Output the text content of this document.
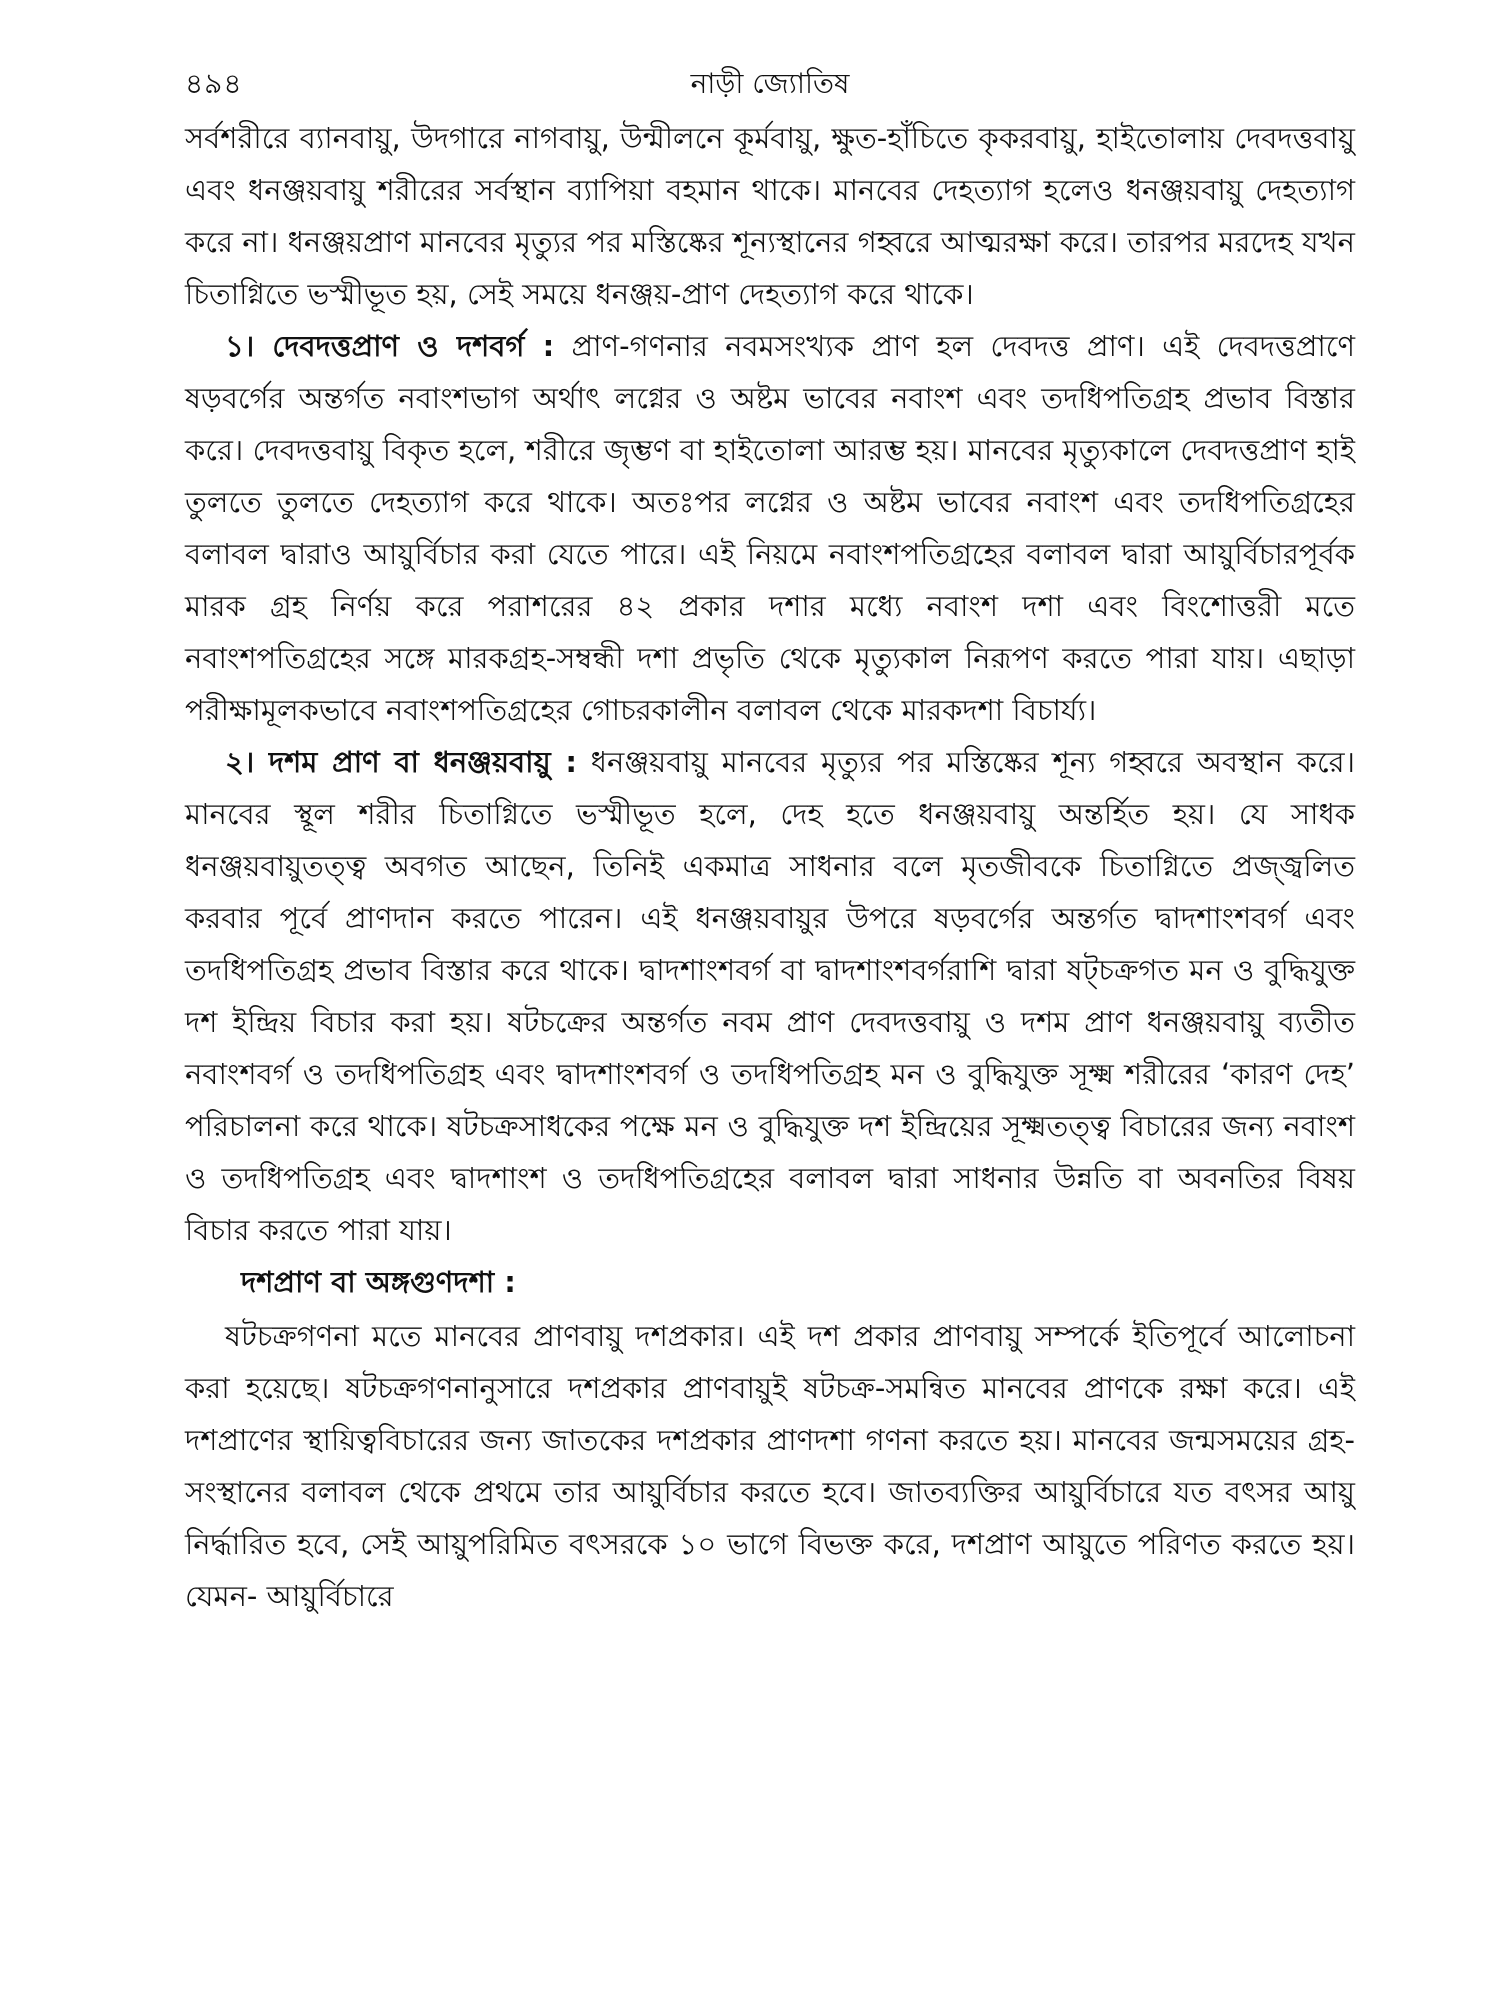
৪৯৪	নাড়ী জ্যোতিষ

সর্বশরীরে ব্যানবায়ু, উদগারে নাগবায়ু, উন্মীলনে কূর্মবায়ু, ক্ষুত-হাঁচিতে কৃকরবায়ু, হাইতোলায় দেবদত্তবায়ু এবং ধনঞ্জয়বায়ু শরীরের সর্বস্থান ব্যাপিয়া বহমান থাকে। মানবের দেহত্যাগ হলেও ধনঞ্জয়বায়ু দেহত্যাগ করে না। ধনঞ্জয়প্রাণ মানবের মৃত্যুর পর মস্তিষ্কের শূন্যস্থানের গহ্বরে আত্মরক্ষা করে। তারপর মরদেহ যখন চিতাগ্নিতে ভস্মীভূত হয়, সেই সময়ে ধনঞ্জয়-প্রাণ দেহত্যাগ করে থাকে।

১। দেবদত্তপ্রাণ ও দশবর্গ : প্রাণ-গণনার নবমসংখ্যক প্রাণ হল দেবদত্ত প্রাণ। এই দেবদত্তপ্রাণে ষড়বর্গের অন্তর্গত নবাংশভাগ অর্থাৎ লগ্নের ও অষ্টম ভাবের নবাংশ এবং তদধিপতিগ্রহ প্রভাব বিস্তার করে। দেবদত্তবায়ু বিকৃত হলে, শরীরে জৃম্ভণ বা হাইতোলা আরম্ভ হয়। মানবের মৃত্যুকালে দেবদত্তপ্রাণ হাই তুলতে তুলতে দেহত্যাগ করে থাকে। অতঃপর লগ্নের ও অষ্টম ভাবের নবাংশ এবং তদধিপতিগ্রহের বলাবল দ্বারাও আয়ুর্বিচার করা যেতে পারে। এই নিয়মে নবাংশপতিগ্রহের বলাবল দ্বারা আয়ুর্বিচারপূর্বক মারক গ্রহ নির্ণয় করে পরাশরের ৪২ প্রকার দশার মধ্যে নবাংশ দশা এবং বিংশোত্তরী মতে নবাংশপতিগ্রহের সঙ্গে মারকগ্রহ-সম্বন্ধী দশা প্রভৃতি থেকে মৃত্যুকাল নিরূপণ করতে পারা যায়। এছাড়া পরীক্ষামূলকভাবে নবাংশপতিগ্রহের গোচরকালীন বলাবল থেকে মারকদশা বিচার্য্য।

২। দশম প্রাণ বা ধনঞ্জয়বায়ু : ধনঞ্জয়বায়ু মানবের মৃত্যুর পর মস্তিষ্কের শূন্য গহ্বরে অবস্থান করে। মানবের স্থূল শরীর চিতাগ্নিতে ভস্মীভূত হলে, দেহ হতে ধনঞ্জয়বায়ু অন্তর্হিত হয়। যে সাধক ধনঞ্জয়বায়ুতত্ত্ব অবগত আছেন, তিনিই একমাত্র সাধনার বলে মৃতজীবকে চিতাগ্নিতে প্রজ্জ্বলিত করবার পূর্বে প্রাণদান করতে পারেন। এই ধনঞ্জয়বায়ুর উপরে ষড়বর্গের অন্তর্গত দ্বাদশাংশবর্গ এবং তদধিপতিগ্রহ প্রভাব বিস্তার করে থাকে। দ্বাদশাংশবর্গ বা দ্বাদশাংশবর্গরাশি দ্বারা ষট্‌চক্রগত মন ও বুদ্ধিযুক্ত দশ ইন্দ্রিয় বিচার করা হয়। ষটচক্রের অন্তর্গত নবম প্রাণ দেবদত্তবায়ু ও দশম প্রাণ ধনঞ্জয়বায়ু ব্যতীত নবাংশবর্গ ও তদধিপতিগ্রহ এবং দ্বাদশাংশবর্গ ও তদধিপতিগ্রহ মন ও বুদ্ধিযুক্ত সূক্ষ্ম শরীরের ‘কারণ দেহ’ পরিচালনা করে থাকে। ষটচক্রসাধকের পক্ষে মন ও বুদ্ধিযুক্ত দশ ইন্দ্রিয়ের সূক্ষ্মতত্ত্ব বিচারের জন্য নবাংশ ও তদধিপতিগ্রহ এবং দ্বাদশাংশ ও তদধিপতিগ্রহের বলাবল দ্বারা সাধনার উন্নতি বা অবনতির বিষয় বিচার করতে পারা যায়।

দশপ্রাণ বা অঙ্গগুণদশা :

ষটচক্রগণনা মতে মানবের প্রাণবায়ু দশপ্রকার। এই দশ প্রকার প্রাণবায়ু সম্পর্কে ইতিপূর্বে আলোচনা করা হয়েছে। ষটচক্রগণনানুসারে দশপ্রকার প্রাণবায়ুই ষটচক্র-সমন্বিত মানবের প্রাণকে রক্ষা করে। এই দশপ্রাণের স্থায়িত্ববিচারের জন্য জাতকের দশপ্রকার প্রাণদশা গণনা করতে হয়। মানবের জন্মসময়ের গ্রহ-সংস্থানের বলাবল থেকে প্রথমে তার আয়ুর্বিচার করতে হবে। জাতব্যক্তির আয়ুর্বিচারে যত বৎসর আয়ু নির্দ্ধারিত হবে, সেই আয়ুপরিমিত বৎসরকে ১০ ভাগে বিভক্ত করে, দশপ্রাণ আয়ুতে পরিণত করতে হয়। যেমন- আয়ুর্বিচারে
